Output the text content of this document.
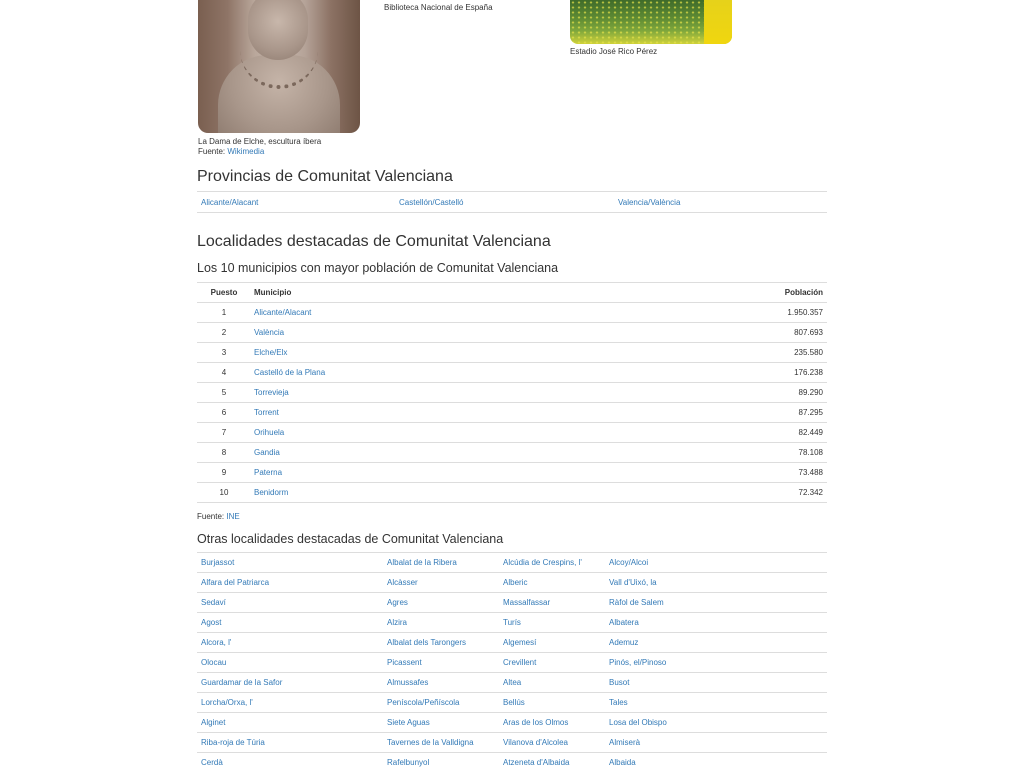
La Dama de Elche, escultura íbera
Fuente: Wikimedia
Biblioteca Nacional de España
Estadio José Rico Pérez
Provincias de Comunitat Valenciana
Alicante/Alacant	Castellón/Castelló	Valencia/València
Localidades destacadas de Comunitat Valenciana
Los 10 municipios con mayor población de Comunitat Valenciana
Puesto	Municipio	Población
1	Alicante/Alacant	1.950.357
2	València	807.693
3	Elche/Elx	235.580
4	Castelló de la Plana	176.238
5	Torrevieja	89.290
6	Torrent	87.295
7	Orihuela	82.449
8	Gandia	78.108
9	Paterna	73.488
10	Benidorm	72.342
Fuente: INE
Otras localidades destacadas de Comunitat Valenciana
Burjassot	Albalat de la Ribera	Alcúdia de Crespins, l'	Alcoy/Alcoi
Alfara del Patriarca	Alcàsser	Alberic	Vall d'Uixó, la
Sedaví	Agres	Massalfassar	Ràfol de Salem
Agost	Alzira	Turís	Albatera
Alcora, l'	Albalat dels Tarongers	Algemesí	Ademuz
Olocau	Picassent	Crevillent	Pinós, el/Pinoso
Guardamar de la Safor	Almussafes	Altea	Busot
Lorcha/Orxa, l'	Peníscola/Peñíscola	Bellús	Tales
Alginet	Siete Aguas	Aras de los Olmos	Losa del Obispo
Riba-roja de Túria	Tavernes de la Valldigna	Vilanova d'Alcolea	Almiserà
Cerdà	Rafelbunyol	Atzeneta d'Albaida	Albaida
